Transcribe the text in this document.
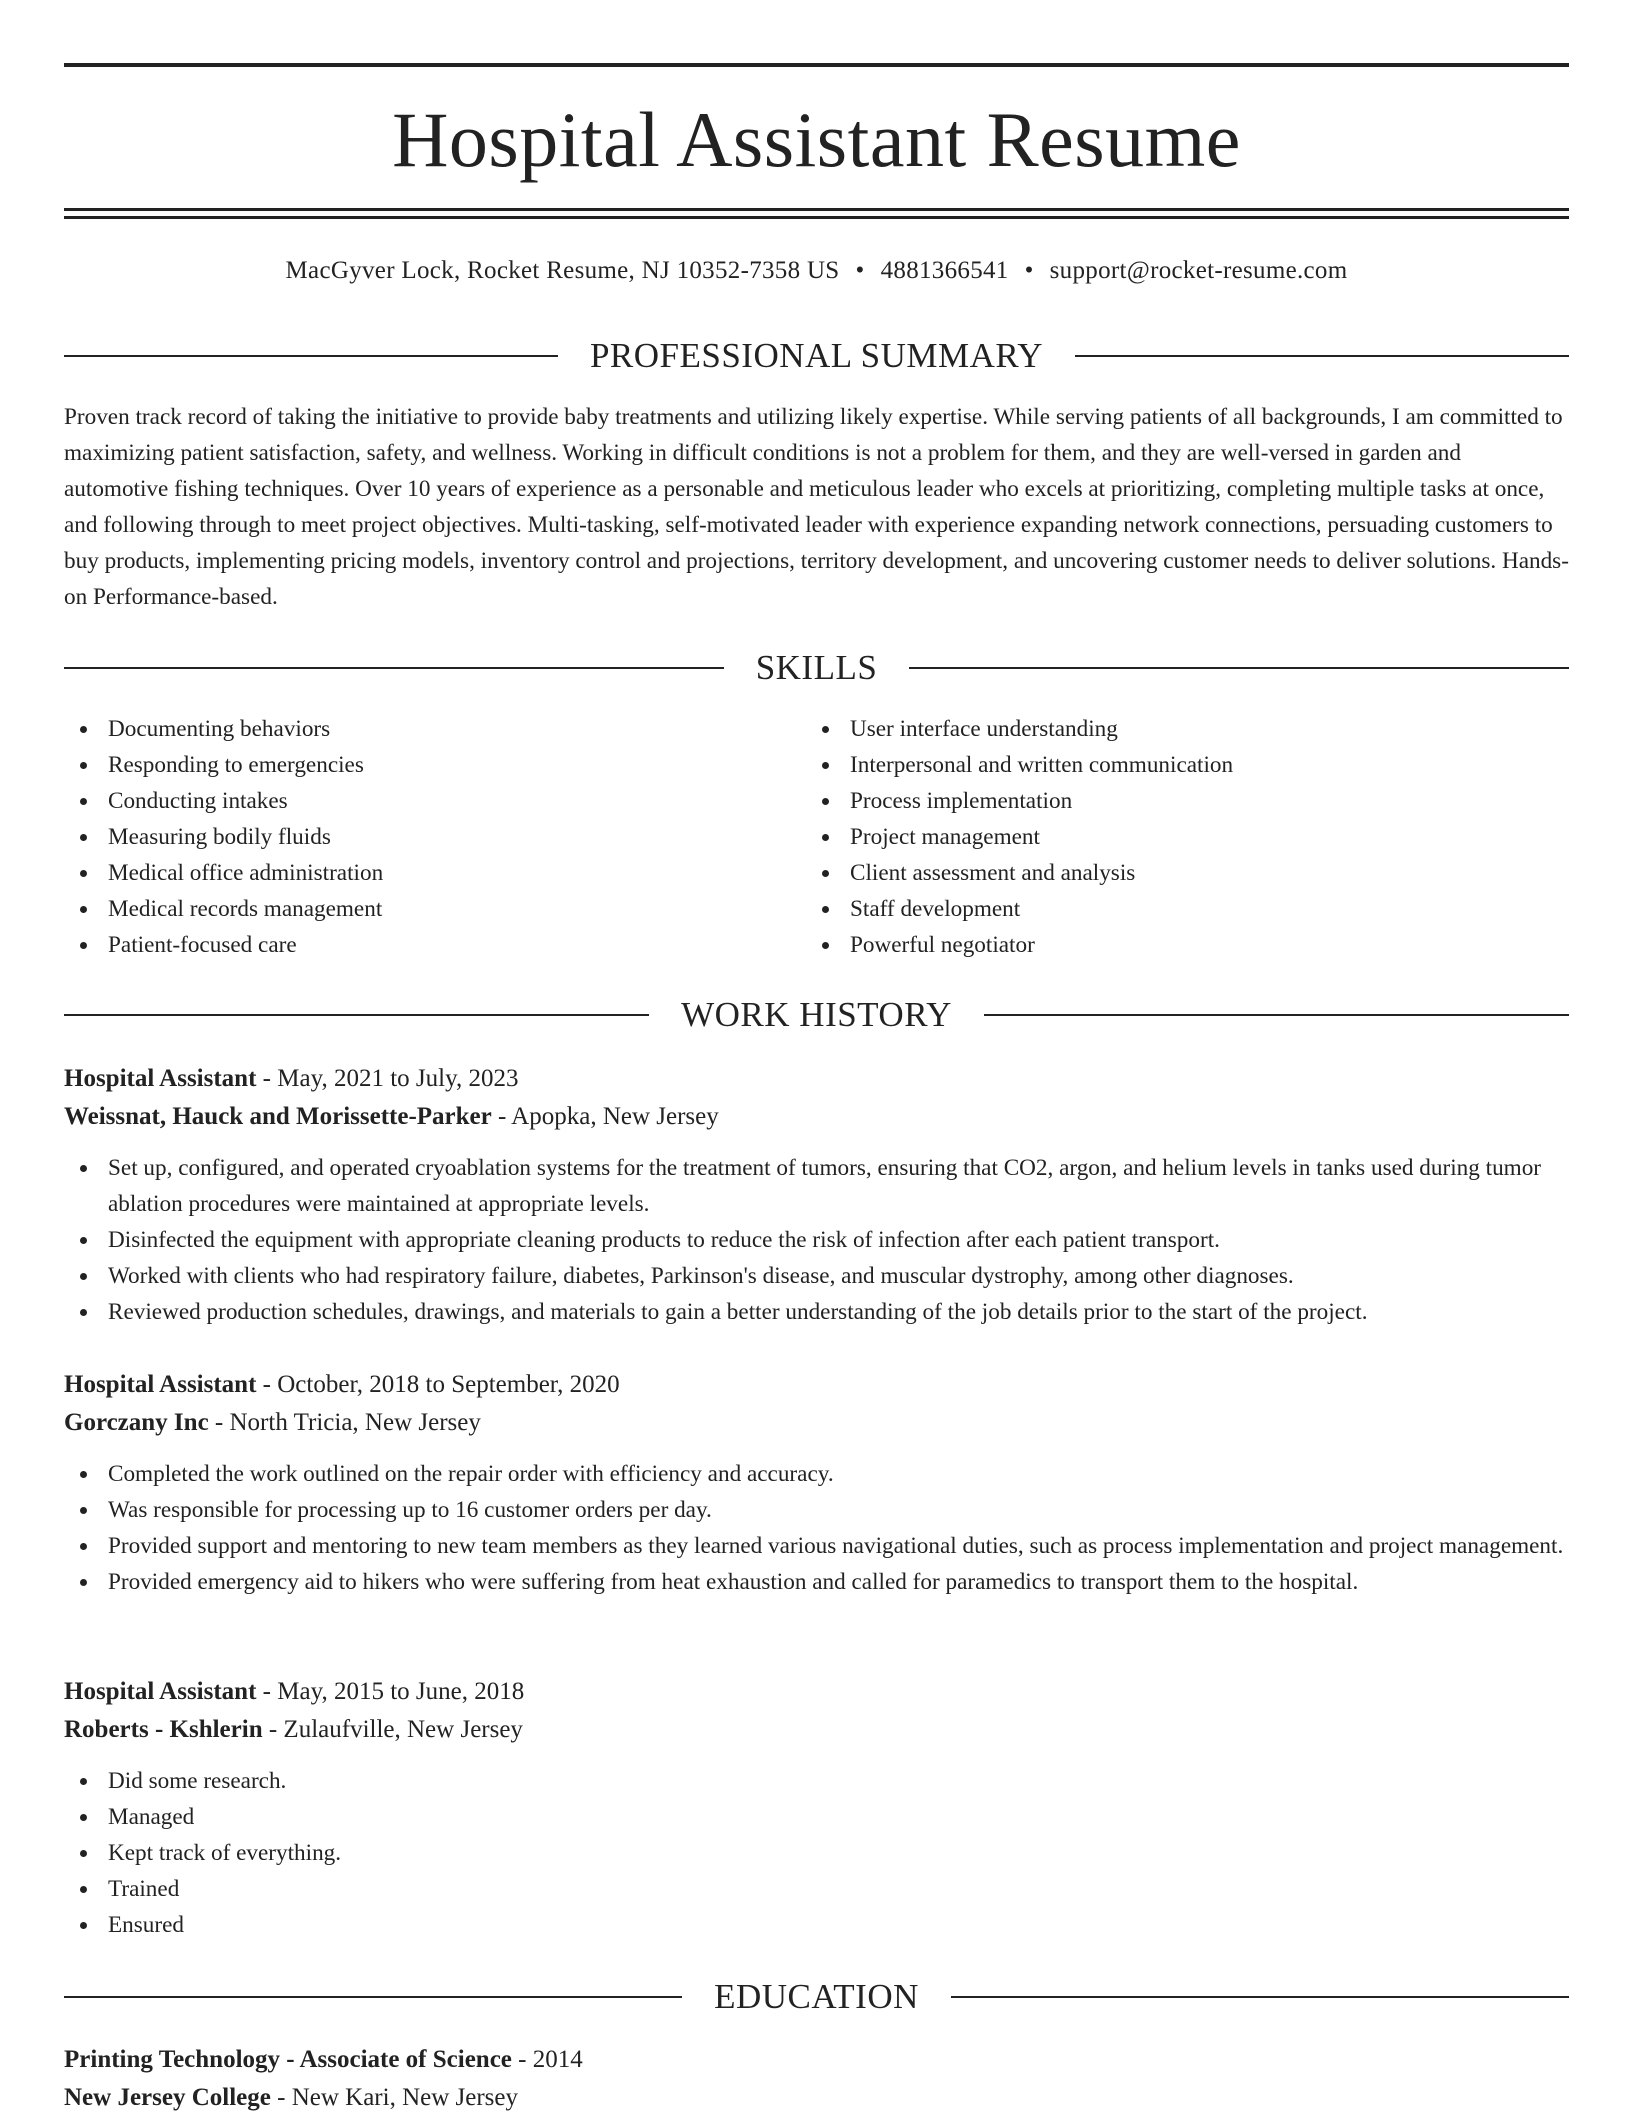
Hospital Assistant Resume
MacGyver Lock, Rocket Resume, NJ 10352-7358 US • 4881366541 • support@rocket-resume.com
PROFESSIONAL SUMMARY

Proven track record of taking the initiative to provide baby treatments and utilizing likely expertise. While serving patients of all backgrounds, I am committed to maximizing patient satisfaction, safety, and wellness. Working in difficult conditions is not a problem for them, and they are well-versed in garden and automotive fishing techniques. Over 10 years of experience as a personable and meticulous leader who excels at prioritizing, completing multiple tasks at once, and following through to meet project objectives. Multi-tasking, self-motivated leader with experience expanding network connections, persuading customers to buy products, implementing pricing models, inventory control and projections, territory development, and uncovering customer needs to deliver solutions. Hands-on Performance-based.

SKILLS
Documenting behaviors
Responding to emergencies
Conducting intakes
Measuring bodily fluids
Medical office administration
Medical records management
Patient-focused care
User interface understanding
Interpersonal and written communication
Process implementation
Project management
Client assessment and analysis
Staff development
Powerful negotiator
WORK HISTORY
Hospital Assistant - May, 2021 to July, 2023
Weissnat, Hauck and Morissette-Parker - Apopka, New Jersey
Set up, configured, and operated cryoablation systems for the treatment of tumors, ensuring that CO2, argon, and helium levels in tanks used during tumor ablation procedures were maintained at appropriate levels.
Disinfected the equipment with appropriate cleaning products to reduce the risk of infection after each patient transport.
Worked with clients who had respiratory failure, diabetes, Parkinson's disease, and muscular dystrophy, among other diagnoses.
Reviewed production schedules, drawings, and materials to gain a better understanding of the job details prior to the start of the project.
Hospital Assistant - October, 2018 to September, 2020
Gorczany Inc - North Tricia, New Jersey
Completed the work outlined on the repair order with efficiency and accuracy.
Was responsible for processing up to 16 customer orders per day.
Provided support and mentoring to new team members as they learned various navigational duties, such as process implementation and project management.
Provided emergency aid to hikers who were suffering from heat exhaustion and called for paramedics to transport them to the hospital.
Hospital Assistant - May, 2015 to June, 2018
Roberts - Kshlerin - Zulaufville, New Jersey
Did some research.
Managed
Kept track of everything.
Trained
Ensured
EDUCATION
Printing Technology - Associate of Science - 2014
New Jersey College - New Kari, New Jersey
